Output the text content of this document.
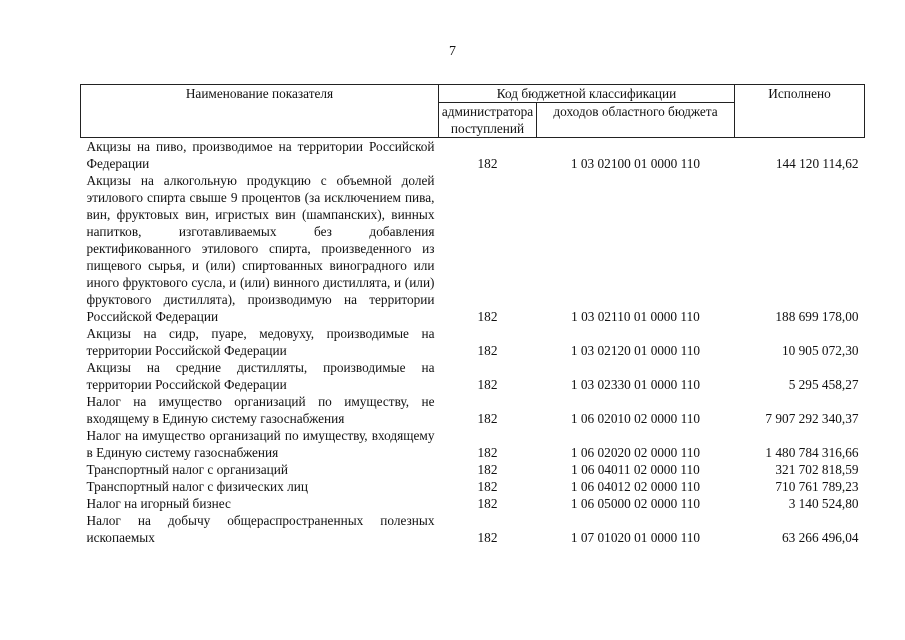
7
Наименование показателя	Код бюджетной классификации		Исполнено
	администратора поступлений	доходов областного бюджета	
Акцизы на пиво, производимое на территории Российской Федерации	182	1 03 02100 01 0000 110	144 120 114,62
Акцизы на алкогольную продукцию с объемной долей этилового спирта свыше 9 процентов (за исключением пива, вин, фруктовых вин, игристых вин (шампанских), винных напитков, изготавливаемых без добавления ректификованного этилового спирта, произведенного из пищевого сырья, и (или) спиртованных виноградного или иного фруктового сусла, и (или) винного дистиллята, и (или) фруктового дистиллята), производимую на территории Российской Федерации	182	1 03 02110 01 0000 110	188 699 178,00
Акцизы на сидр, пуаре, медовуху, производимые на территории Российской Федерации	182	1 03 02120 01 0000 110	10 905 072,30
Акцизы на средние дистилляты, производимые на территории Российской Федерации	182	1 03 02330 01 0000 110	5 295 458,27
Налог на имущество организаций по имуществу, не входящему в Единую систему газоснабжения	182	1 06 02010 02 0000 110	7 907 292 340,37
Налог на имущество организаций по имуществу, входящему в Единую систему газоснабжения	182	1 06 02020 02 0000 110	1 480 784 316,66
Транспортный налог с организаций	182	1 06 04011 02 0000 110	321 702 818,59
Транспортный налог с физических лиц	182	1 06 04012 02 0000 110	710 761 789,23
Налог на игорный бизнес	182	1 06 05000 02 0000 110	3 140 524,80
Налог на добычу общераспространенных полезных ископаемых	182	1 07 01020 01 0000 110	63 266 496,04
